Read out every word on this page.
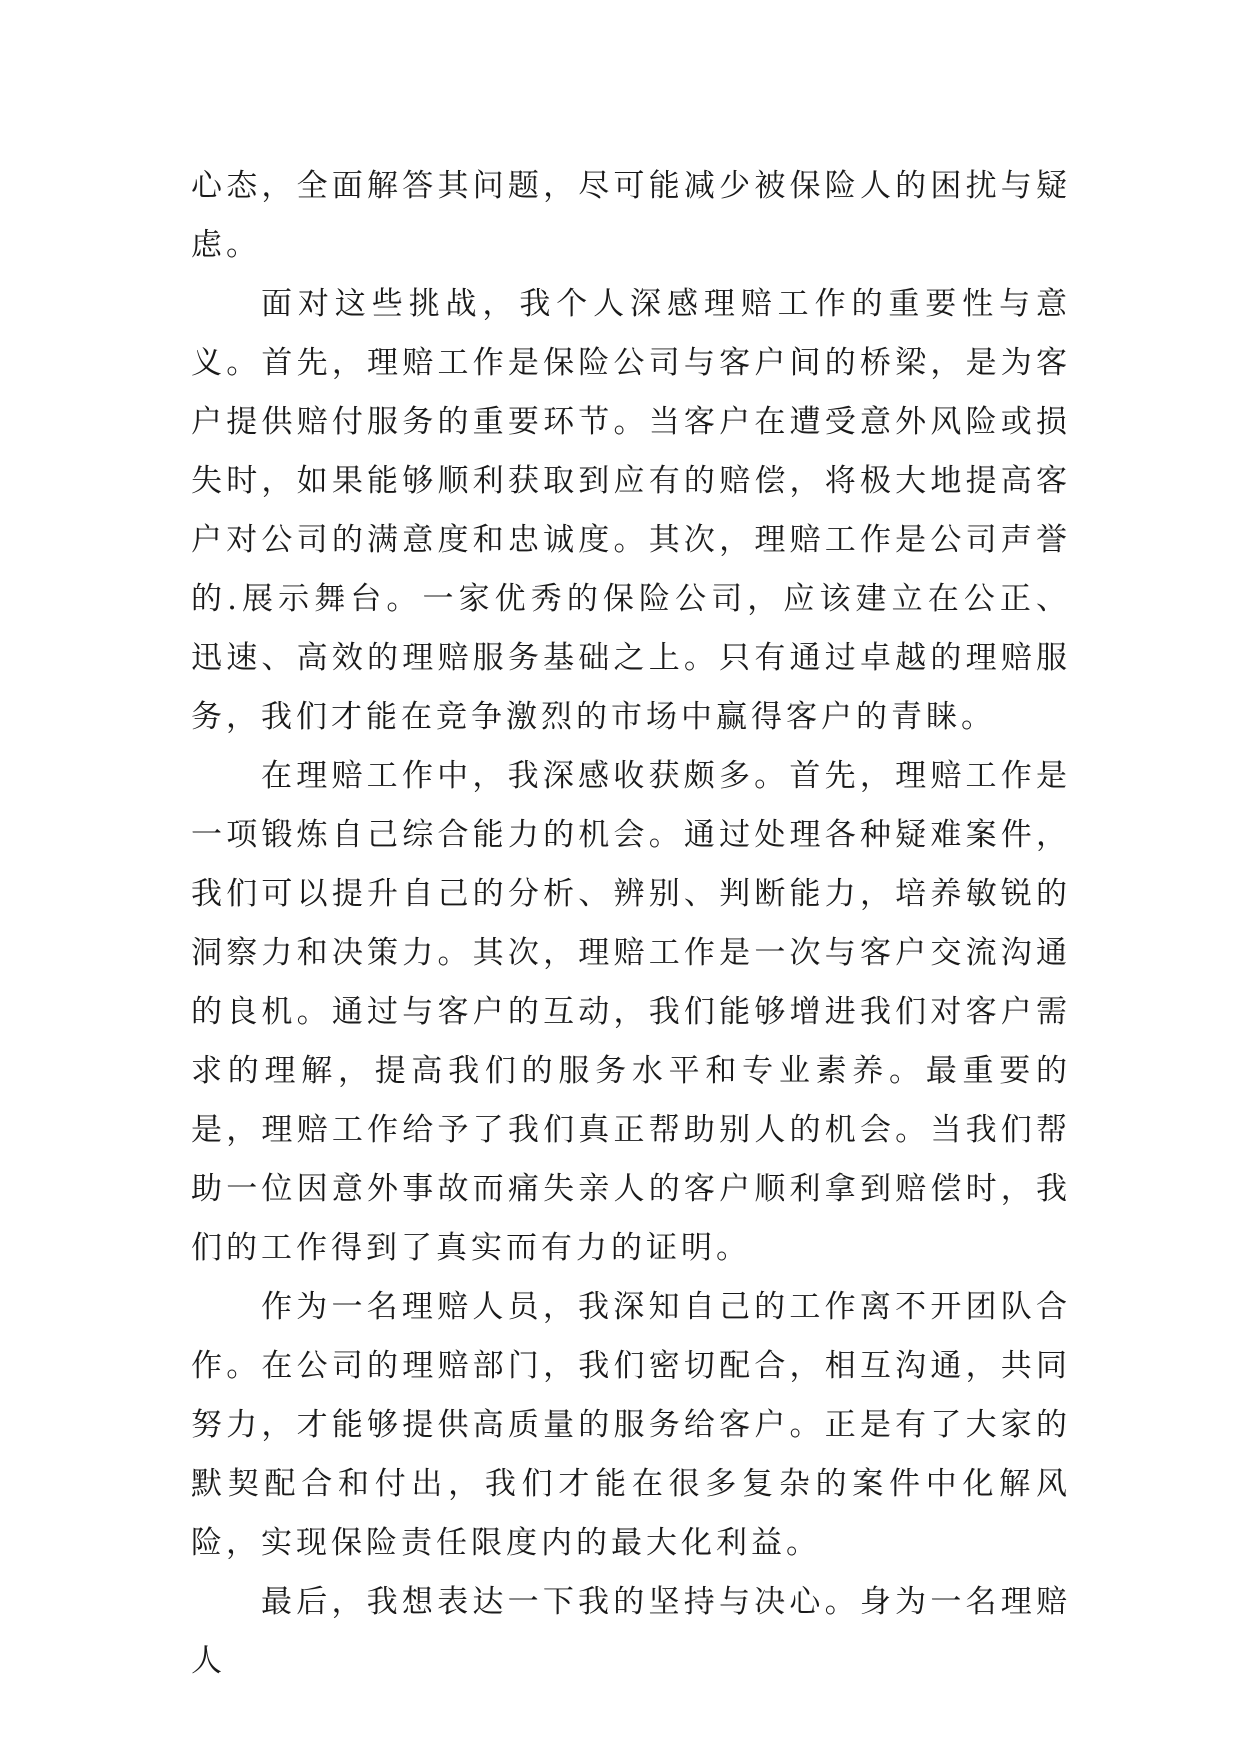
心态，全面解答其问题，尽可能减少被保险人的困扰与疑虑。

面对这些挑战，我个人深感理赔工作的重要性与意义。首先，理赔工作是保险公司与客户间的桥梁，是为客户提供赔付服务的重要环节。当客户在遭受意外风险或损失时，如果能够顺利获取到应有的赔偿，将极大地提高客户对公司的满意度和忠诚度。其次，理赔工作是公司声誉的.展示舞台。一家优秀的保险公司，应该建立在公正、迅速、高效的理赔服务基础之上。只有通过卓越的理赔服务，我们才能在竞争激烈的市场中赢得客户的青睐。

在理赔工作中，我深感收获颇多。首先，理赔工作是一项锻炼自己综合能力的机会。通过处理各种疑难案件，我们可以提升自己的分析、辨别、判断能力，培养敏锐的洞察力和决策力。其次，理赔工作是一次与客户交流沟通的良机。通过与客户的互动，我们能够增进我们对客户需求的理解，提高我们的服务水平和专业素养。最重要的是，理赔工作给予了我们真正帮助别人的机会。当我们帮助一位因意外事故而痛失亲人的客户顺利拿到赔偿时，我们的工作得到了真实而有力的证明。

作为一名理赔人员，我深知自己的工作离不开团队合作。在公司的理赔部门，我们密切配合，相互沟通，共同努力，才能够提供高质量的服务给客户。正是有了大家的默契配合和付出，我们才能在很多复杂的案件中化解风险，实现保险责任限度内的最大化利益。

最后，我想表达一下我的坚持与决心。身为一名理赔人
